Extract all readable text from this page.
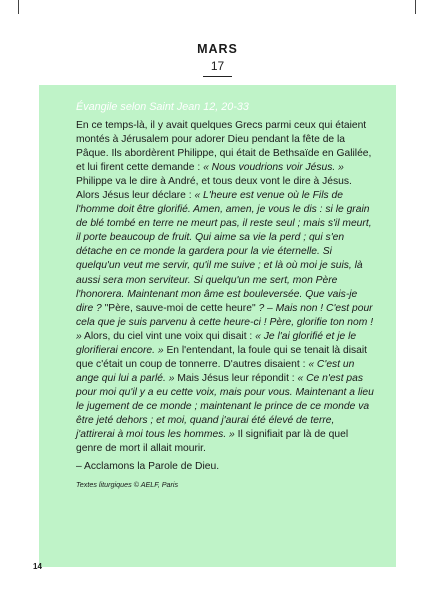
MARS
17

Évangile selon Saint Jean 12, 20-33

En ce temps-là, il y avait quelques Grecs parmi ceux qui étaient montés à Jérusalem pour adorer Dieu pendant la fête de la Pâque. Ils abordèrent Philippe, qui était de Bethsaïde en Galilée, et lui firent cette demande : « Nous voudrions voir Jésus. » Philippe va le dire à André, et tous deux vont le dire à Jésus. Alors Jésus leur déclare : « L'heure est venue où le Fils de l'homme doit être glorifié. Amen, amen, je vous le dis : si le grain de blé tombé en terre ne meurt pas, il reste seul ; mais s'il meurt, il porte beaucoup de fruit. Qui aime sa vie la perd ; qui s'en détache en ce monde la gardera pour la vie éternelle. Si quelqu'un veut me servir, qu'il me suive ; et là où moi je suis, là aussi sera mon serviteur. Si quelqu'un me sert, mon Père l'honorera. Maintenant mon âme est bouleversée. Que vais-je dire ? "Père, sauve-moi de cette heure" ? – Mais non ! C'est pour cela que je suis parvenu à cette heure-ci ! Père, glorifie ton nom ! » Alors, du ciel vint une voix qui disait : « Je l'ai glorifié et je le glorifierai encore. » En l'entendant, la foule qui se tenait là disait que c'était un coup de tonnerre. D'autres disaient : « C'est un ange qui lui a parlé. » Mais Jésus leur répondit : « Ce n'est pas pour moi qu'il y a eu cette voix, mais pour vous. Maintenant a lieu le jugement de ce monde ; maintenant le prince de ce monde va être jeté dehors ; et moi, quand j'aurai été élevé de terre, j'attirerai à moi tous les hommes. » Il signifiait par là de quel genre de mort il allait mourir.

– Acclamons la Parole de Dieu.

Textes liturgiques © AELF, Paris

14
